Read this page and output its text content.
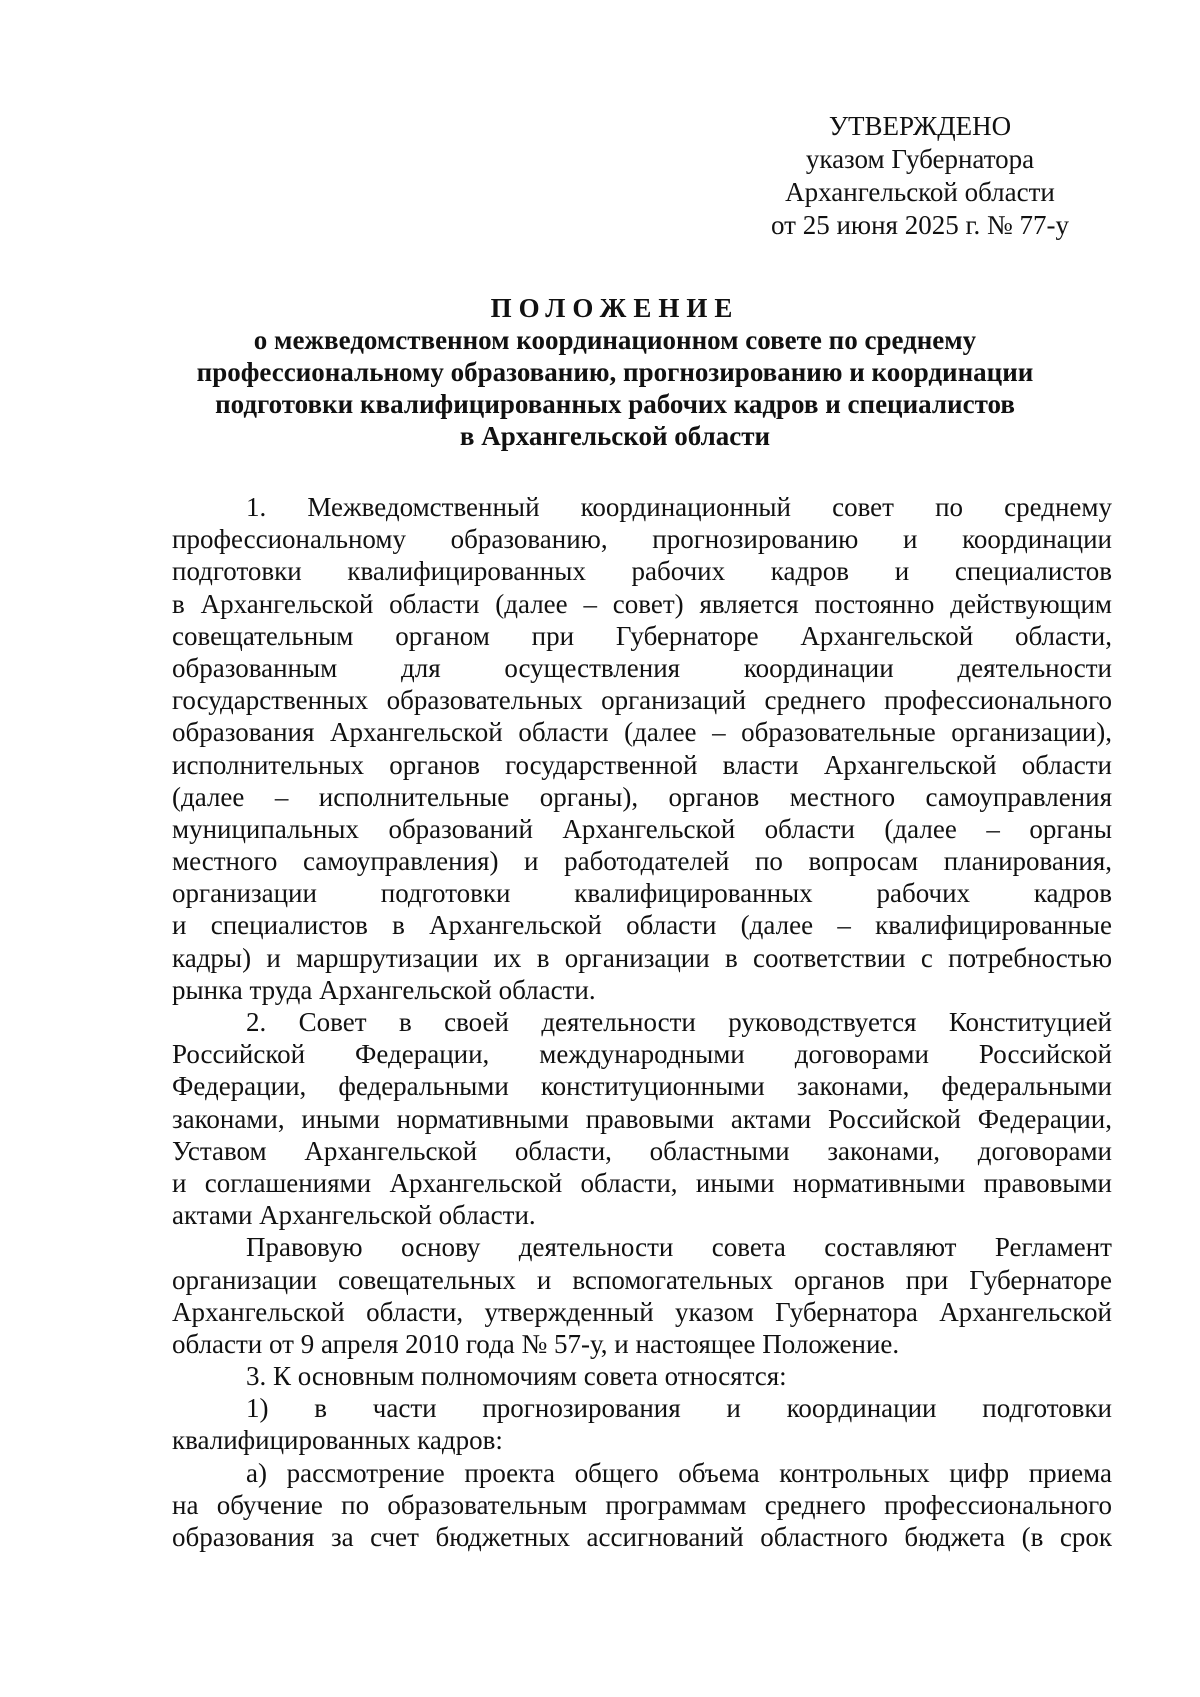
УТВЕРЖДЕНО
указом Губернатора
Архангельской области
от 25 июня 2025 г. № 77-у
ПОЛОЖЕНИЕ
о межведомственном координационном совете по среднему
профессиональному образованию, прогнозированию и координации
подготовки квалифицированных рабочих кадров и специалистов
в Архангельской области
1. Межведомственный координационный совет по среднему
профессиональному образованию, прогнозированию и координации
подготовки квалифицированных рабочих кадров и специалистов
в Архангельской области (далее – совет) является постоянно действующим
совещательным органом при Губернаторе Архангельской области,
образованным для осуществления координации деятельности
государственных образовательных организаций среднего профессионального
образования Архангельской области (далее – образовательные организации),
исполнительных органов государственной власти Архангельской области
(далее – исполнительные органы), органов местного самоуправления
муниципальных образований Архангельской области (далее – органы
местного самоуправления) и работодателей по вопросам планирования,
организации подготовки квалифицированных рабочих кадров
и специалистов в Архангельской области (далее – квалифицированные
кадры) и маршрутизации их в организации в соответствии с потребностью
рынка труда Архангельской области.
2. Совет в своей деятельности руководствуется Конституцией
Российской Федерации, международными договорами Российской
Федерации, федеральными конституционными законами, федеральными
законами, иными нормативными правовыми актами Российской Федерации,
Уставом Архангельской области, областными законами, договорами
и соглашениями Архангельской области, иными нормативными правовыми
актами Архангельской области.
Правовую основу деятельности совета составляют Регламент
организации совещательных и вспомогательных органов при Губернаторе
Архангельской области, утвержденный указом Губернатора Архангельской
области от 9 апреля 2010 года № 57-у, и настоящее Положение.
3. К основным полномочиям совета относятся:
1) в части прогнозирования и координации подготовки
квалифицированных кадров:
а) рассмотрение проекта общего объема контрольных цифр приема
на обучение по образовательным программам среднего профессионального
образования за счет бюджетных ассигнований областного бюджета (в срок
